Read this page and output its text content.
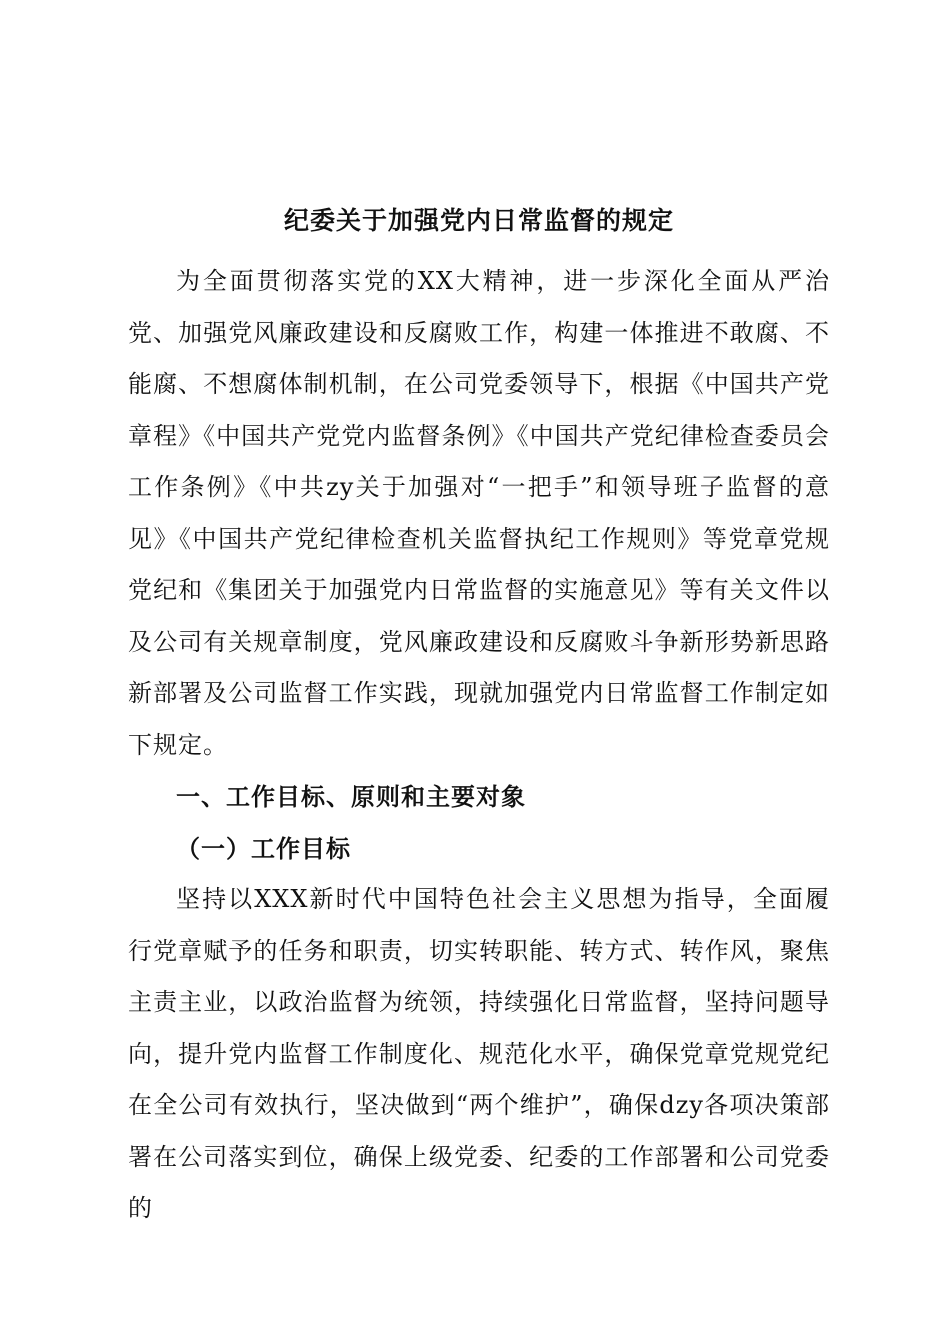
纪委关于加强党内日常监督的规定

为全面贯彻落实党的XX大精神，进一步深化全面从严治党、加强党风廉政建设和反腐败工作，构建一体推进不敢腐、不能腐、不想腐体制机制，在公司党委领导下，根据《中国共产党章程》《中国共产党党内监督条例》《中国共产党纪律检查委员会工作条例》《中共zy关于加强对“一把手”和领导班子监督的意见》《中国共产党纪律检查机关监督执纪工作规则》等党章党规党纪和《集团关于加强党内日常监督的实施意见》等有关文件以及公司有关规章制度，党风廉政建设和反腐败斗争新形势新思路新部署及公司监督工作实践，现就加强党内日常监督工作制定如下规定。

一、工作目标、原则和主要对象

（一）工作目标

坚持以XXX新时代中国特色社会主义思想为指导，全面履行党章赋予的任务和职责，切实转职能、转方式、转作风，聚焦主责主业，以政治监督为统领，持续强化日常监督，坚持问题导向，提升党内监督工作制度化、规范化水平，确保党章党规党纪在全公司有效执行，坚决做到“两个维护”，确保dzy各项决策部署在公司落实到位，确保上级党委、纪委的工作部署和公司党委的
